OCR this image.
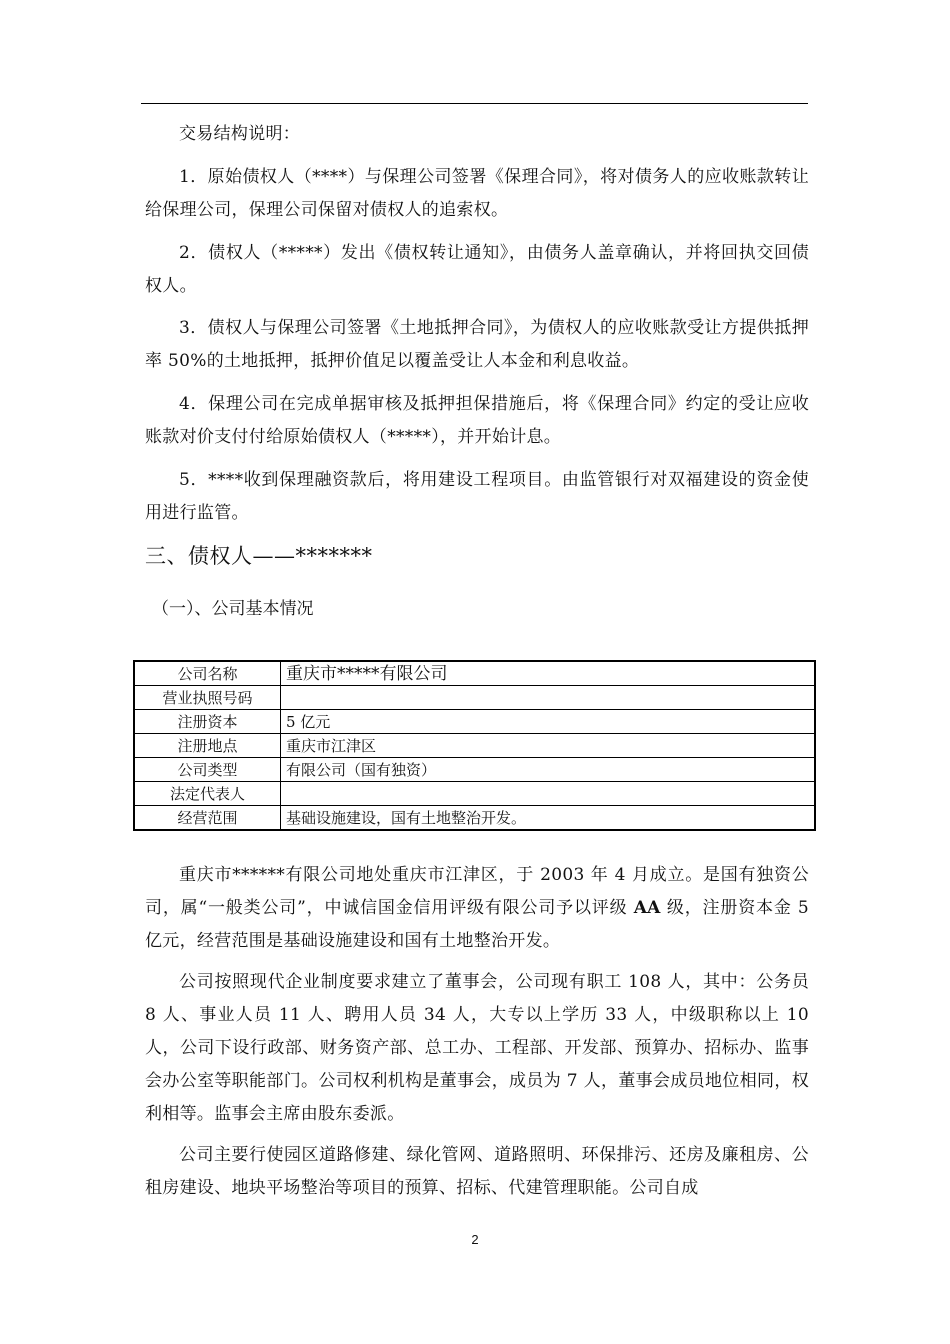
交易结构说明：
1．原始债权人（****）与保理公司签署《保理合同》，将对债务人的应收账款转让给保理公司，保理公司保留对债权人的追索权。
2．债权人（*****）发出《债权转让通知》，由债务人盖章确认，并将回执交回债权人。
3．债权人与保理公司签署《土地抵押合同》，为债权人的应收账款受让方提供抵押率 50%的土地抵押，抵押价值足以覆盖受让人本金和利息收益。
4．保理公司在完成单据审核及抵押担保措施后，将《保理合同》约定的受让应收账款对价支付付给原始债权人（*****），并开始计息。
5．****收到保理融资款后，将用建设工程项目。由监管银行对双福建设的资金使用进行监管。
三、债权人——*******
（一）、公司基本情况
公司名称	重庆市*****有限公司
营业执照号码	
注册资本	5 亿元
注册地点	重庆市江津区
公司类型	有限公司（国有独资）
法定代表人	
经营范围	基础设施建设，国有土地整治开发。
重庆市******有限公司地处重庆市江津区，于 2003 年 4 月成立。是国有独资公司，属“一般类公司”，中诚信国金信用评级有限公司予以评级 AA 级，注册资本金 5 亿元，经营范围是基础设施建设和国有土地整治开发。
公司按照现代企业制度要求建立了董事会，公司现有职工 108 人，其中：公务员 8 人、事业人员 11 人、聘用人员 34 人，大专以上学历 33 人，中级职称以上 10 人，公司下设行政部、财务资产部、总工办、工程部、开发部、预算办、招标办、监事会办公室等职能部门。公司权利机构是董事会，成员为 7 人，董事会成员地位相同，权利相等。监事会主席由股东委派。
公司主要行使园区道路修建、绿化管网、道路照明、环保排污、还房及廉租房、公租房建设、地块平场整治等项目的预算、招标、代建管理职能。公司自成
2
